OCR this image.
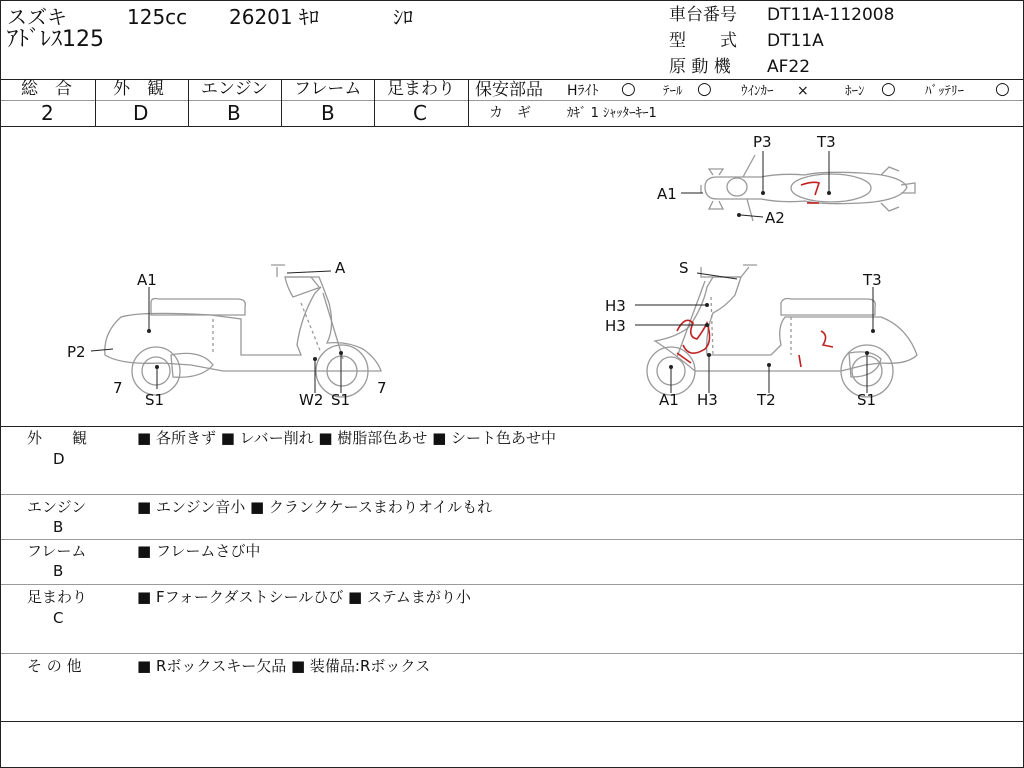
スズキ	125cc 26201 ｷﾛ	ｼﾛ
ｱﾄﾞﾚｽ125
車台番号 DT11A-112008
型　　式 DT11A
原 動 機 AF22
総　合
2
外　観
D
エンジン
B
フレーム
B
足まわり
C
保安部品 Hﾗｲﾄ ○ ﾃｰﾙ ○ ｳｲﾝｶｰ ×	ﾎｰﾝ ○ ﾊﾞｯﾃﾘｰ ○
カ　ギ	ｶｷﾞ 1 ｼｬｯﾀｰｷｰ1
P3	T3
A1
A2
A1
A
P2
7
S1	W2 S1
7
S
T3
H3
H3
A1 H3	T2	S1
外　　観
D
■ 各所きず ■ レバー削れ ■ 樹脂部色あせ ■ シート色あせ中
エンジン
B
■ エンジン音小 ■ クランクケースまわりオイルもれ
フレーム
B
■ フレームさび中
足まわり
C
■ Fフォークダストシールひび ■ ステムまがり小
そ の 他	■ Rボックスキー欠品 ■ 装備品:Rボックス
